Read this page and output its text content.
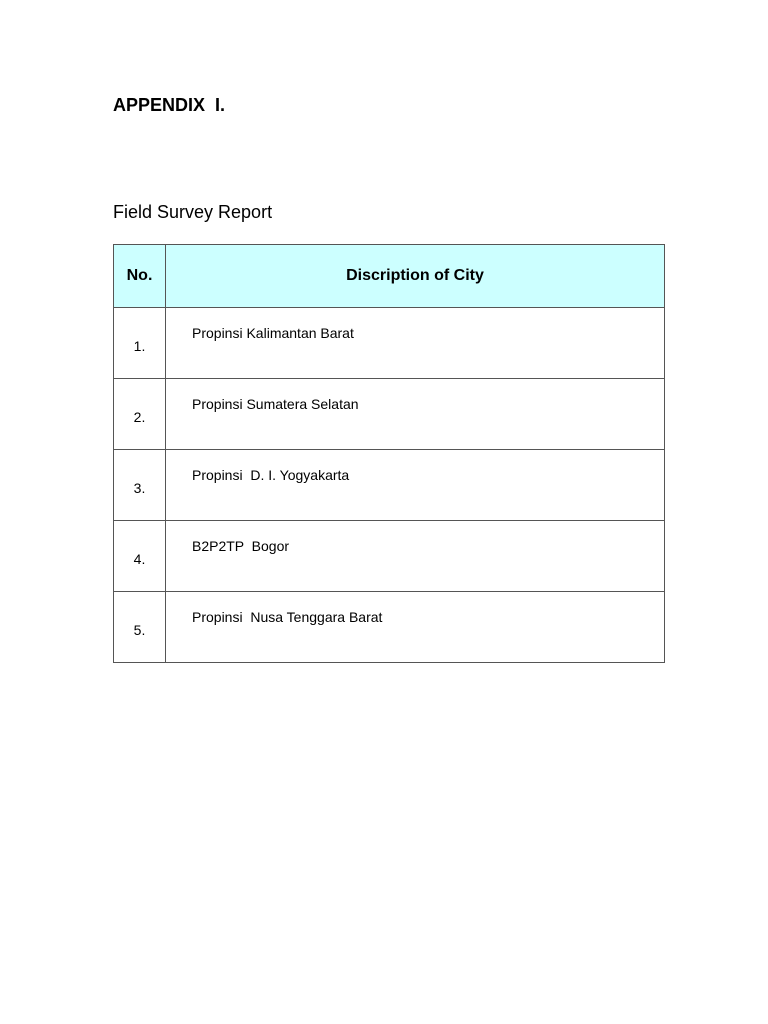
APPENDIX  I.
Field Survey Report
No.	Discription of City
1.	Propinsi Kalimantan Barat
2.	Propinsi Sumatera Selatan
3.	Propinsi  D. I. Yogyakarta
4.	B2P2TP  Bogor
5.	Propinsi  Nusa Tenggara Barat
